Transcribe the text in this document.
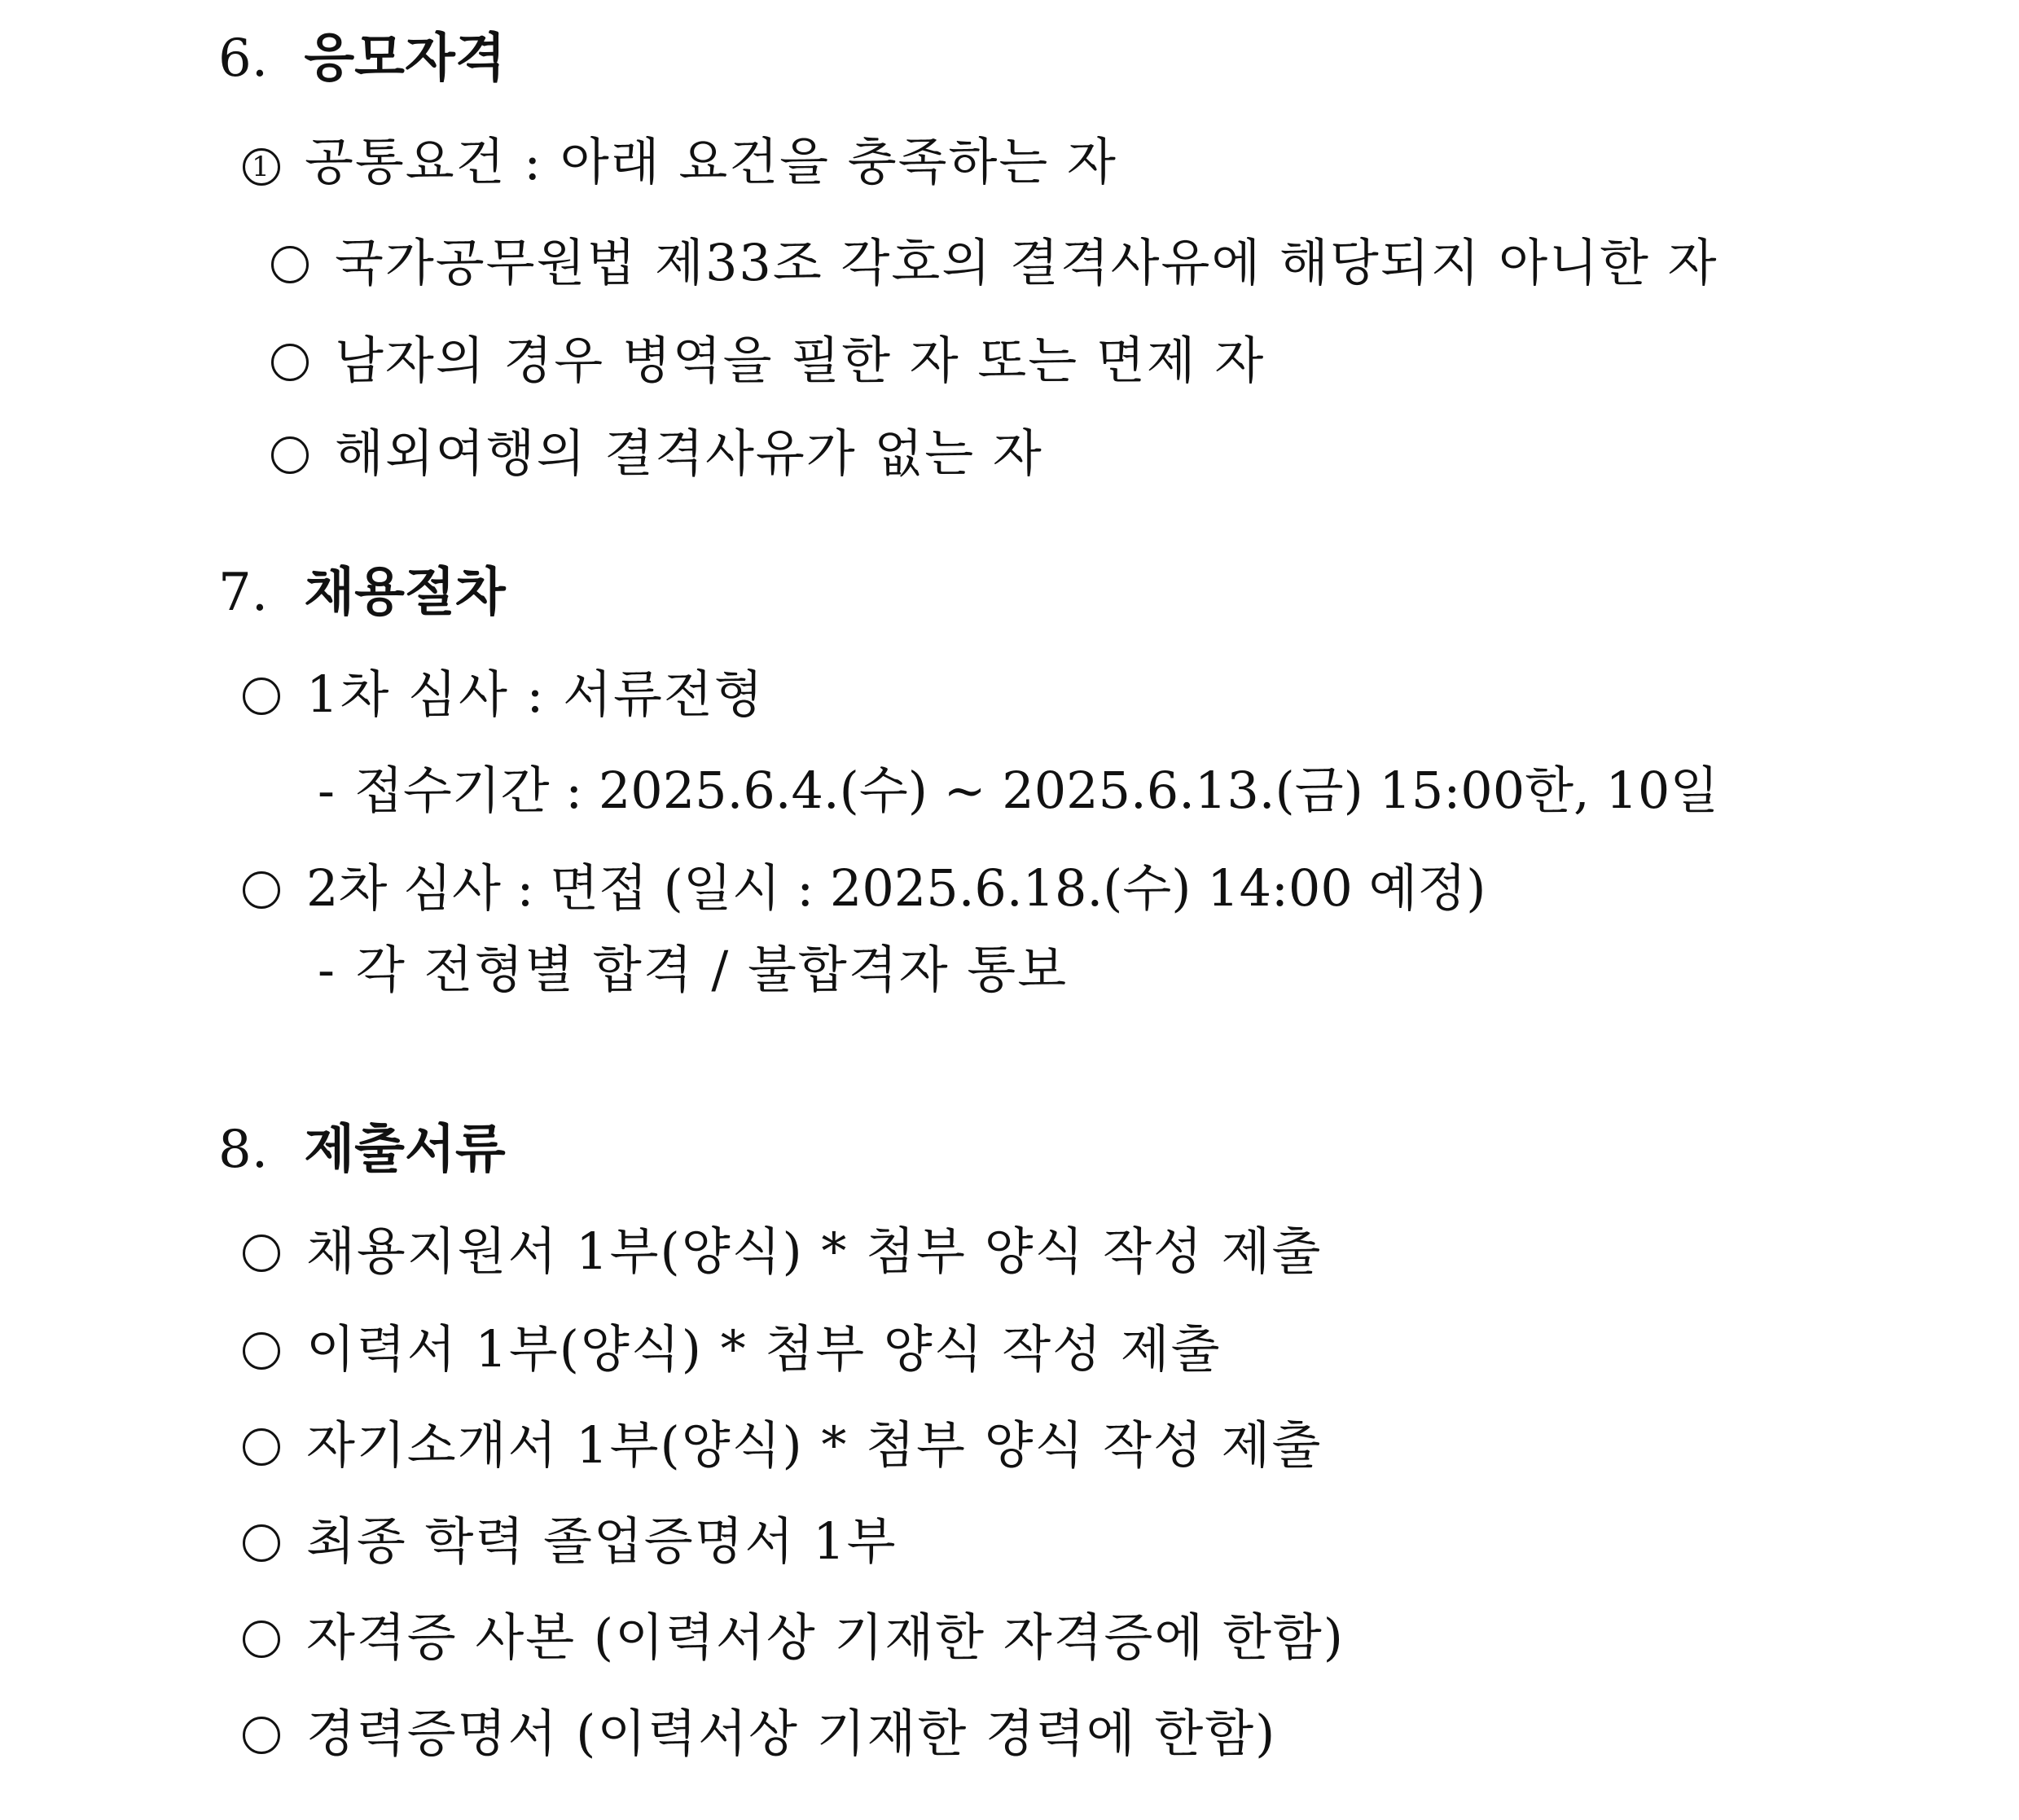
6. 응모자격
1 공통요건 : 아래 요건을 충족하는 자
국가공무원법 제33조 각호의 결격사유에 해당되지 아니한 자
남자의 경우 병역을 필한 자 또는 면제 자
해외여행의 결격사유가 없는 자
7. 채용절차
1차 심사 : 서류전형
- 접수기간 : 2025.6.4.(수) ~ 2025.6.13.(금) 15:00한, 10일
2차 심사 : 면접 (일시 : 2025.6.18.(수) 14:00 예정)
- 각 전형별 합격 / 불합격자 통보
8. 제출서류
채용지원서 1부(양식) * 첨부 양식 작성 제출
이력서 1부(양식) * 첨부 양식 작성 제출
자기소개서 1부(양식) * 첨부 양식 작성 제출
최종 학력 졸업증명서 1부
자격증 사본 (이력서상 기재한 자격증에 한함)
경력증명서 (이력서상 기재한 경력에 한함)
